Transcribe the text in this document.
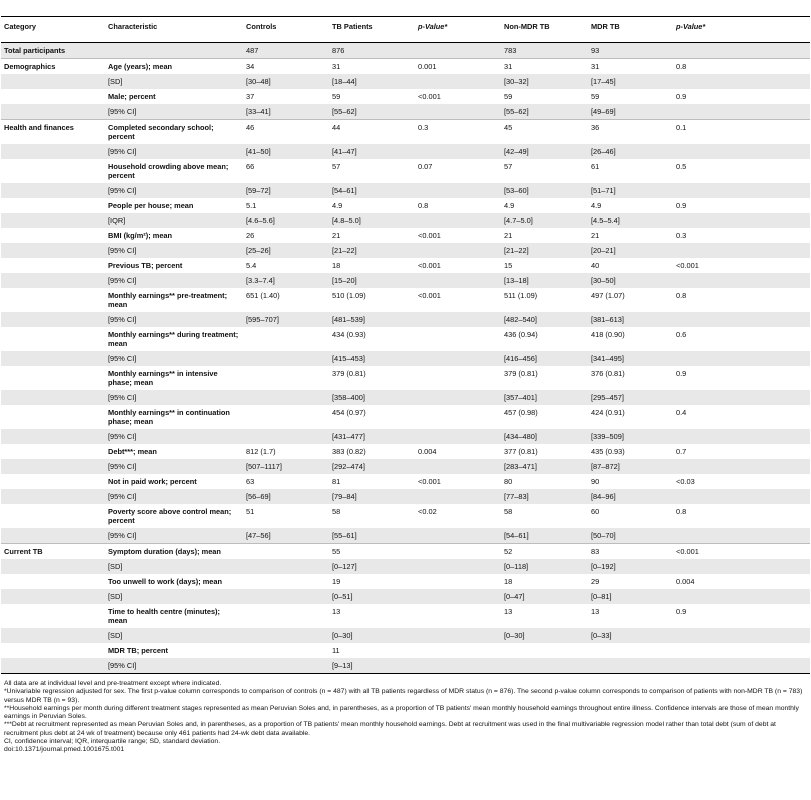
Category	Characteristic	Controls	TB Patients	p-Value*	Non-MDR TB	MDR TB	p-Value*
Total participants		487	876		783	93	
Demographics	Age (years); mean	34	31	0.001	31	31	0.8
	[SD]	[30–48]	[18–44]		[30–32]	[17–45]	
	Male; percent	37	59	<0.001	59	59	0.9
	[95% CI]	[33–41]	[55–62]		[55–62]	[49–69]	
Health and finances	Completed secondary school; percent	46	44	0.3	45	36	0.1
	[95% CI]	[41–50]	[41–47]		[42–49]	[26–46]	
	Household crowding above mean; percent	66	57	0.07	57	61	0.5
	[95% CI]	[59–72]	[54–61]		[53–60]	[51–71]	
	People per house; mean	5.1	4.9	0.8	4.9	4.9	0.9
	[IQR]	[4.6–5.6]	[4.8–5.0]		[4.7–5.0]	[4.5–5.4]	
	BMI (kg/m²); mean	26	21	<0.001	21	21	0.3
	[95% CI]	[25–26]	[21–22]		[21–22]	[20–21]	
	Previous TB; percent	5.4	18	<0.001	15	40	<0.001
	[95% CI]	[3.3–7.4]	[15–20]		[13–18]	[30–50]	
	Monthly earnings** pre-treatment; mean	651 (1.40)	510 (1.09)	<0.001	511 (1.09)	497 (1.07)	0.8
	[95% CI]	[595–707]	[481–539]		[482–540]	[381–613]	
	Monthly earnings** during treatment; mean		434 (0.93)		436 (0.94)	418 (0.90)	0.6
	[95% CI]		[415–453]		[416–456]	[341–495]	
	Monthly earnings** in intensive phase; mean		379 (0.81)		379 (0.81)	376 (0.81)	0.9
	[95% CI]		[358–400]		[357–401]	[295–457]	
	Monthly earnings** in continuation phase; mean		454 (0.97)		457 (0.98)	424 (0.91)	0.4
	[95% CI]		[431–477]		[434–480]	[339–509]	
	Debt***; mean	812 (1.7)	383 (0.82)	0.004	377 (0.81)	435 (0.93)	0.7
	[95% CI]	[507–1117]	[292–474]		[283–471]	[87–872]	
	Not in paid work; percent	63	81	<0.001	80	90	<0.03
	[95% CI]	[56–69]	[79–84]		[77–83]	[84–96]	
	Poverty score above control mean; percent	51	58	<0.02	58	60	0.8
	[95% CI]	[47–56]	[55–61]		[54–61]	[50–70]	
Current TB	Symptom duration (days); mean		55		52	83	<0.001
	[SD]		[0–127]		[0–118]	[0–192]	
	Too unwell to work (days); mean		19		18	29	0.004
	[SD]		[0–51]		[0–47]	[0–81]	
	Time to health centre (minutes); mean		13		13	13	0.9
	[SD]		[0–30]		[0–30]	[0–33]	
	MDR TB; percent		11				
	[95% CI]		[9–13]				

All data are at individual level and pre-treatment except where indicated.

*Univariable regression adjusted for sex. The first p-value column corresponds to comparison of controls (n = 487) with all TB patients regardless of MDR status (n = 876). The second p-value column corresponds to comparison of patients with non-MDR TB (n = 783) versus MDR TB (n = 93).

**Household earnings per month during different treatment stages represented as mean Peruvian Soles and, in parentheses, as a proportion of TB patients' mean monthly household earnings throughout entire illness. Confidence intervals are those of mean monthly earnings in Peruvian Soles.

***Debt at recruitment represented as mean Peruvian Soles and, in parentheses, as a proportion of TB patients' mean monthly household earnings. Debt at recruitment was used in the final multivariable regression model rather than total debt (sum of debt at recruitment plus debt at 24 wk of treatment) because only 461 patients had 24-wk debt data available.

CI, confidence interval; IQR, interquartile range; SD, standard deviation.

doi:10.1371/journal.pmed.1001675.t001
